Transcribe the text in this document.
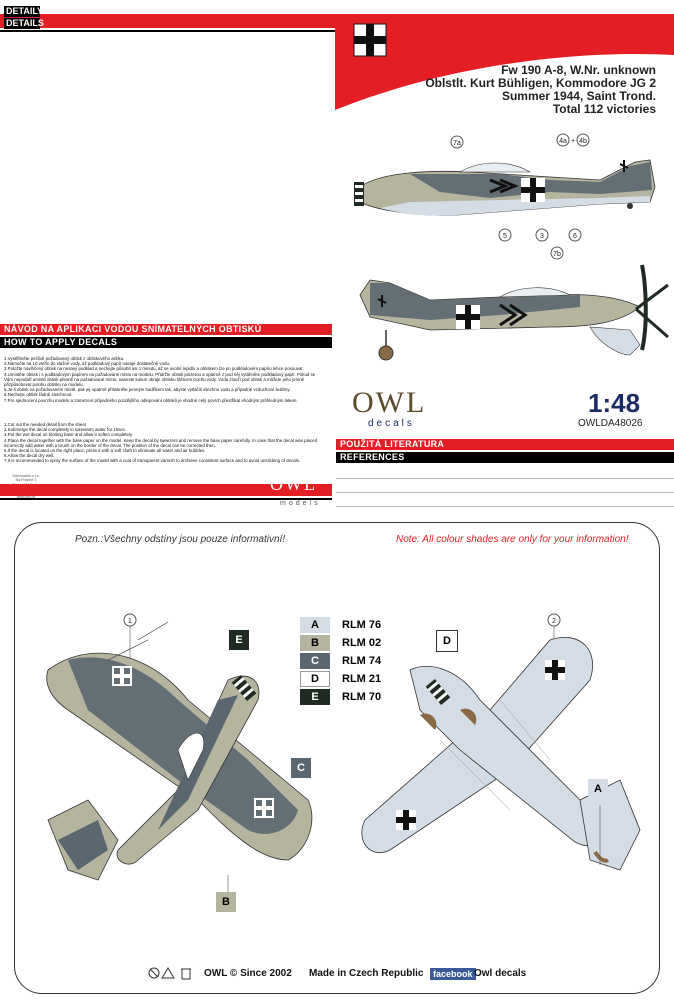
DETAILY
DETAILS
Fw 190 A-8, W.Nr. unknown
Oblstlt. Kurt Bühligen, Kommodore JG 2
Summer 1944, Saint Trond.
Total 112 victories
7a	4a + 4b
5	3	6
7b
OWL
decals
1:48
OWLDA48026
POUŽITÁ LITERATURA
REFERENCES
NÁVOD NA APLIKACI VODOU SNÍMATELNÝCH OBTISKŮ
HOW TO APPLY DECALS
1.Vystřihněte pečlivě požadovaný obtisk z obtiskového aršíku.
2.Namočte na 10 vteřin do vlažné vody, až podkladový papír nasaje dostatečně vodu.
3.Položte navlhčený obtisk na nesavý podklad a nechejte působit asi 1 minutu, až se uvolní lepidlo a obtiskem lze po podkladovém papíru lehce posouvat.
4.Umístěte obtisk i s podkladovým papírem na požadované místo na modelu. Přidržte obtisk pinzetou a opatrně z pod něj vytáhněte podkladový papír. Pokud se
Vám nepodaří umístit obtisk přesně na požadované místo, naneste kolem okraje obtisku štětcem trochu vody. Voda zlouží pod obtisk a můžete jeho jemně
přizpůsobovat polohu obtisku na modelu.
5.Je-li obtisk na požadovaném místě, pak jej opatrně přitiskněte jemným hadříkem tak, abyste vytlačili všechnu vodu a případné vzduchové bubliny.
6.Nechejte obtisk řádně zaschnout.
7.Pro sjednocení povrchu modelu a zamezení případného pozdějšího odlepování obtisků je vhodné celý povrch přestříkat vhodným průhledným lakem.
1.Cut out the needed detail from the sheet
2.Submerge the decal completely in lukewarm water for 10sec.
3.Put the wet decal on blotting base and allow it soften completely
4.Place the decal together with the base paper on the model. Keep the decal by tweezers and remove the base paper carefully. In case that the decal was placed
incorrectly add water with a brush on the border of the decal. The position of the decal can be corrected then.
5.If the decal is located on the right place, press it with a soft cloth to eliminate all water and air bubbles.
6.Allow the decal dry well.
7.It is recommended to spray the surface of the model with a coat of transparent varnish to archieve consistent surface and to avoid unsticking of decals.
Owl models s.r.o.
Na Pražině 1	OWL
models
Pozn.:Všechny odstíny jsou pouze informativní!	Note: All colour shades are only for your information!
1	2
E
C
B
D
A
A	RLM 76
B	RLM 02
C	RLM 74
D	RLM 21
E	RLM 70
OWL © Since 2002 Made in Czech Republic	facebook Owl decals
